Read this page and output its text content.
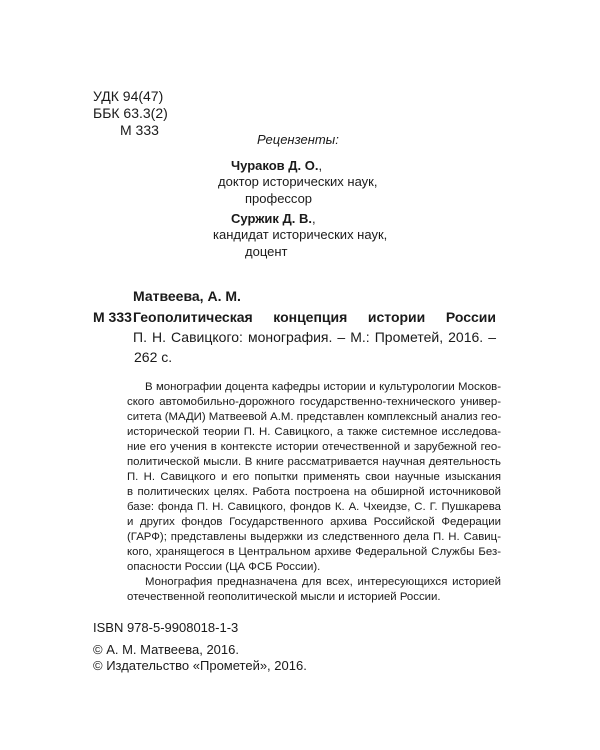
УДК 94(47)
ББК 63.3(2)
М 333
Рецензенты:
Чураков Д. О.,
доктор исторических наук,
профессор
Суржик Д. В.,
кандидат исторических наук,
доцент
Матвеева, А. М.
М 333 Геополитическая концепция истории России
П. Н. Савицкого: монография. – М.: Прометей, 2016. –
262 с.
В монографии доцента кафедры истории и культурологии Москов-
ского автомобильно-дорожного государственно-технического универ-
ситета (МАДИ) Матвеевой А.М. представлен комплексный анализ гео-
исторической теории П. Н. Савицкого, а также системное исследова-
ние его учения в контексте истории отечественной и зарубежной гео-
политической мысли. В книге рассматривается научная деятельность
П. Н. Савицкого и его попытки применять свои научные изыскания
в политических целях. Работа построена на обширной источниковой
базе: фонда П. Н. Савицкого, фондов К. А. Чхеидзе, С. Г. Пушкарева
и других фондов Государственного архива Российской Федерации
(ГАРФ); представлены выдержки из следственного дела П. Н. Савиц-
кого, хранящегося в Центральном архиве Федеральной Службы Без-
опасности России (ЦА ФСБ России).
Монография предназначена для всех, интересующихся историей
отечественной геополитической мысли и историей России.
ISBN 978-5-9908018-1-3
© А. М. Матвеева, 2016.
© Издательство «Прометей», 2016.
